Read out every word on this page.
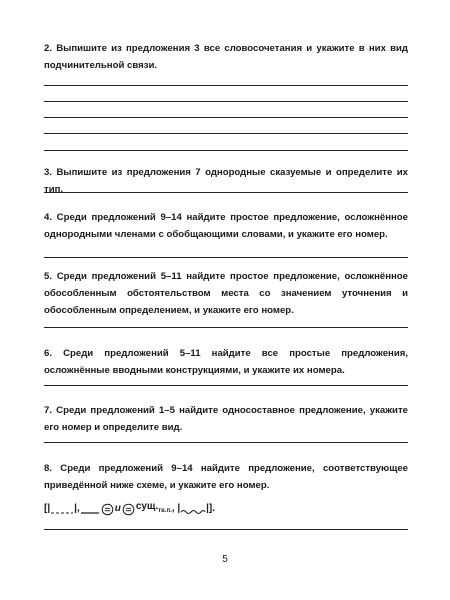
2. Выпишите из предложения 3 все словосочетания и укажите в них вид подчинительной связи.
3. Выпишите из предложения 7 однородные сказуемые и определите их тип.
4. Среди предложений 9–14 найдите простое предложение, осложнённое однородными членами с обобщающими словами, и укажите его номер.
5. Среди предложений 5–11 найдите простое предложение, осложнённое обособленным обстоятельством места со значением уточнения и обособленным определением, и укажите его номер.
6. Среди предложений 5–11 найдите все простые предложения, осложнённые вводными конструкциями, и укажите их номера.
7. Среди предложений 1–5 найдите односоставное предложение, укажите его номер и определите вид.
8. Среди предложений 9–14 найдите предложение, соответствующее приведённой ниже схеме, и укажите его номер.
[| |,	и
$сущ._{тв.п.}$, |	|].
5
